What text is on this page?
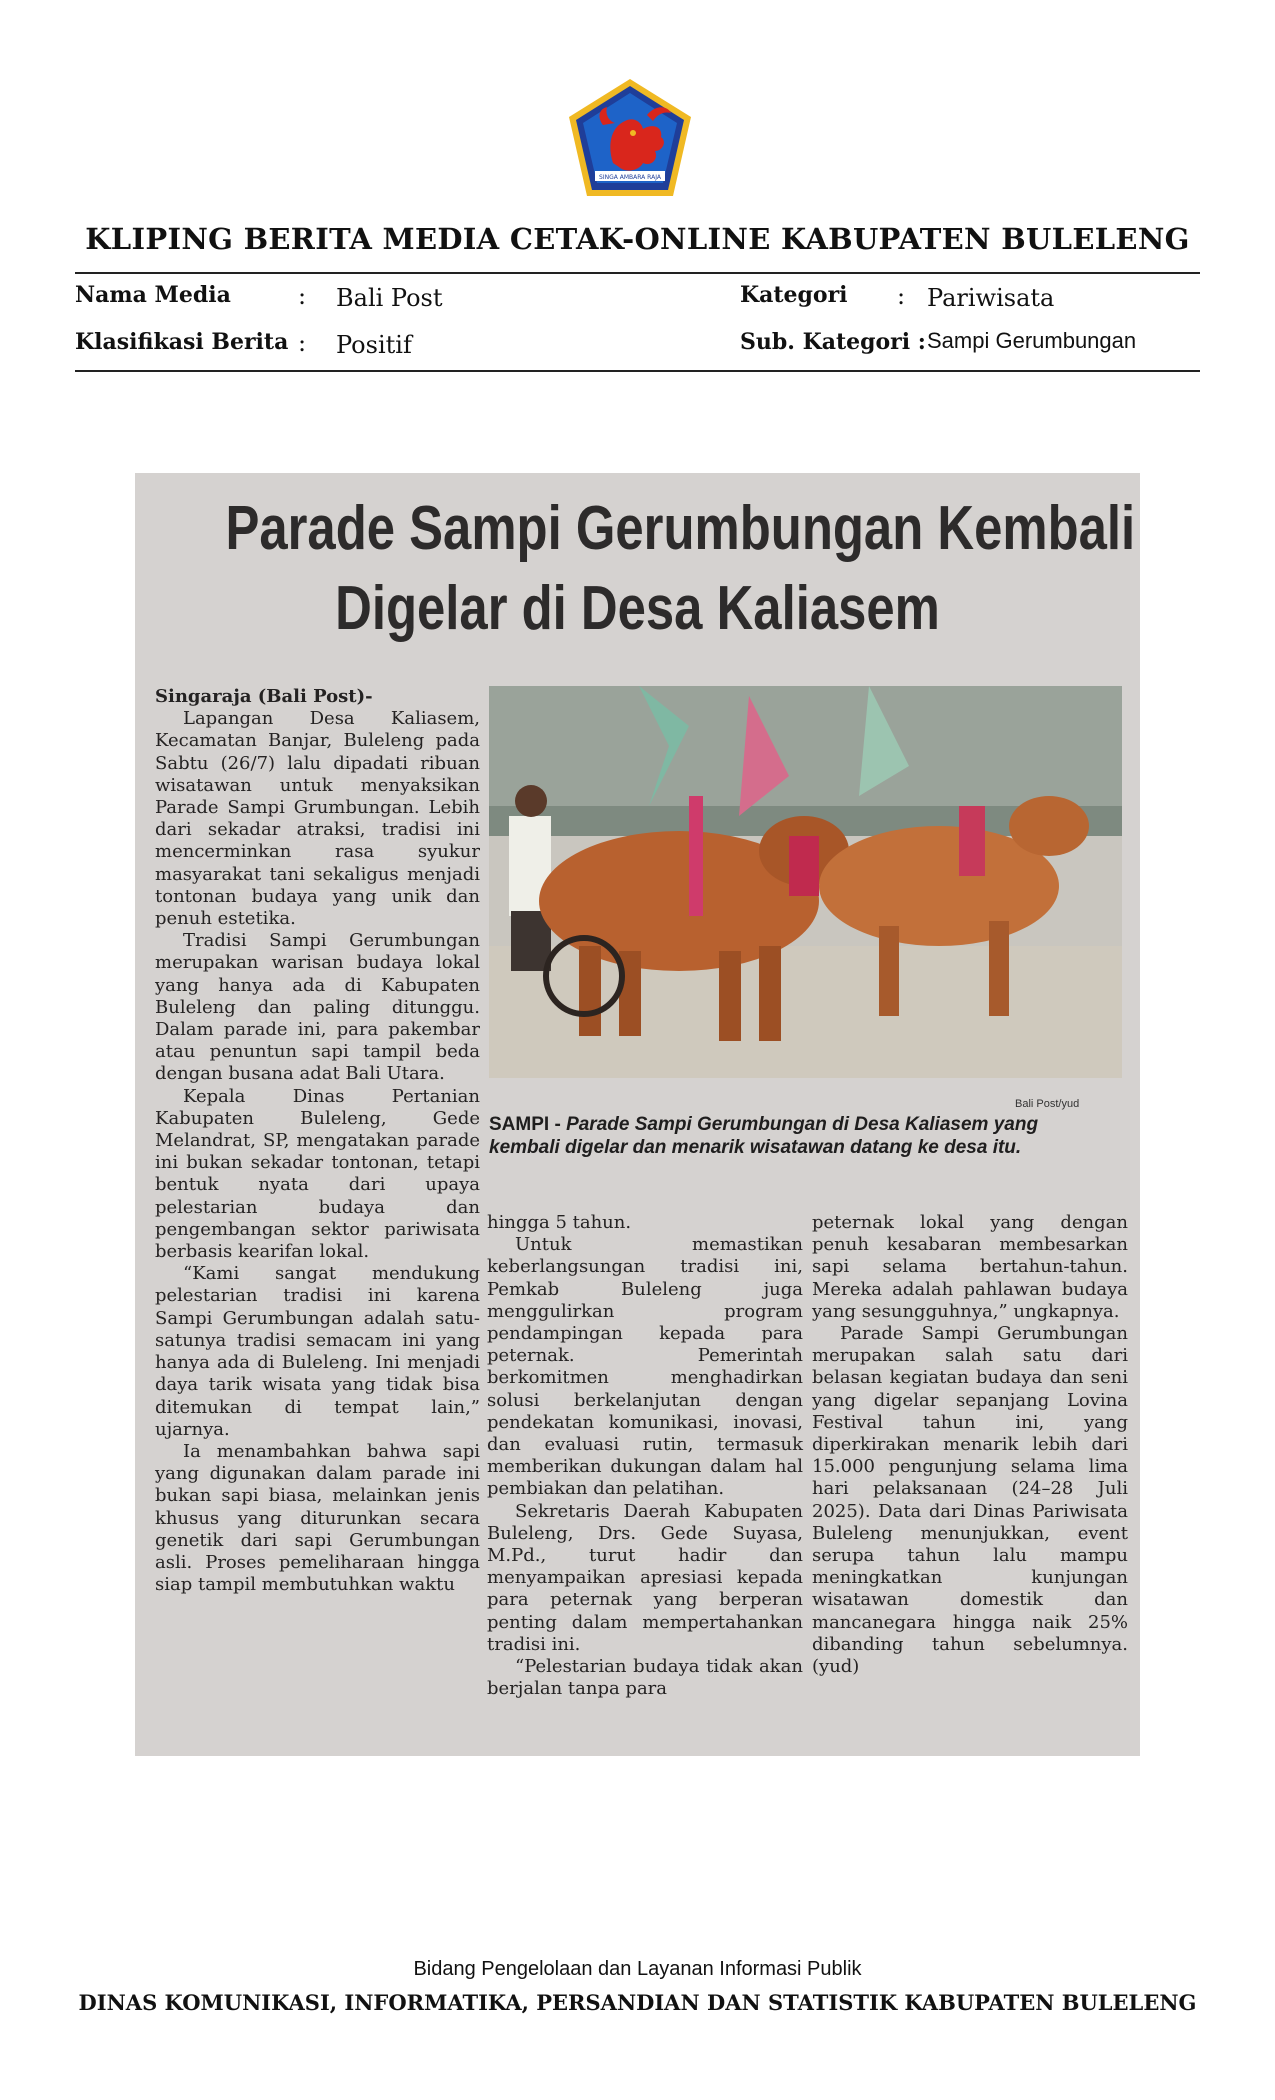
SINGA AMBARA RAJA
KLIPING BERITA MEDIA CETAK-ONLINE KABUPATEN BULELENG
Nama Media	: Bali Post	Kategori : Pariwisata
Klasifikasi Berita : Positif	Sub. Kategori : Sampi Gerumbungan
Parade Sampi Gerumbungan Kembali
Digelar di Desa Kaliasem

Singaraja (Bali Post)-

Lapangan Desa Kaliasem, Kecamatan Banjar, Buleleng pada Sabtu (26/7) lalu dipadati ribuan wisatawan untuk menyaksikan Parade Sampi Grumbungan. Lebih dari sekadar atraksi, tradisi ini mencerminkan rasa syukur masyarakat tani sekaligus menjadi tontonan budaya yang unik dan penuh estetika.

Tradisi Sampi Gerumbungan merupakan warisan budaya lokal yang hanya ada di Kabupaten Buleleng dan paling ditunggu. Dalam parade ini, para pakembar atau penuntun sapi tampil beda dengan busana adat Bali Utara.

Kepala Dinas Pertanian Kabupaten Buleleng, Gede Melandrat, SP, mengatakan parade ini bukan sekadar tontonan, tetapi bentuk nyata dari upaya pelestarian budaya dan pengembangan sektor pariwisata berbasis kearifan lokal.

“Kami sangat mendukung pelestarian tradisi ini karena Sampi Gerumbungan adalah satu-satunya tradisi semacam ini yang hanya ada di Buleleng. Ini menjadi daya tarik wisata yang tidak bisa ditemukan di tempat lain,” ujarnya.

Ia menambahkan bahwa sapi yang digunakan dalam parade ini bukan sapi biasa, melainkan jenis khusus yang diturunkan secara genetik dari sapi Gerumbungan asli. Proses pemeliharaan hingga siap tampil membutuhkan waktu

Bali Post/yud
SAMPI - Parade Sampi Gerumbungan di Desa Kaliasem yang kembali digelar dan menarik wisatawan datang ke desa itu.

hingga 5 tahun.

Untuk memastikan keberlangsungan tradisi ini, Pemkab Buleleng juga menggulirkan program pendampingan kepada para peternak. Pemerintah berkomitmen menghadirkan solusi berkelanjutan dengan pendekatan komunikasi, inovasi, dan evaluasi rutin, termasuk memberikan dukungan dalam hal pembiakan dan pelatihan.

Sekretaris Daerah Kabupaten Buleleng, Drs. Gede Suyasa, M.Pd., turut hadir dan menyampaikan apresiasi kepada para peternak yang berperan penting dalam mempertahankan tradisi ini.

“Pelestarian budaya tidak akan berjalan tanpa para

peternak lokal yang dengan penuh kesabaran membesarkan sapi selama bertahun-tahun. Mereka adalah pahlawan budaya yang sesungguhnya,” ungkapnya.

Parade Sampi Gerumbungan merupakan salah satu dari belasan kegiatan budaya dan seni yang digelar sepanjang Lovina Festival tahun ini, yang diperkirakan menarik lebih dari 15.000 pengunjung selama lima hari pelaksanaan (24–28 Juli 2025). Data dari Dinas Pariwisata Buleleng menunjukkan, event serupa tahun lalu mampu meningkatkan kunjungan wisatawan domestik dan mancanegara hingga naik 25% dibanding tahun sebelumnya. (yud)

Bidang Pengelolaan dan Layanan Informasi Publik
DINAS KOMUNIKASI, INFORMATIKA, PERSANDIAN DAN STATISTIK KABUPATEN BULELENG
